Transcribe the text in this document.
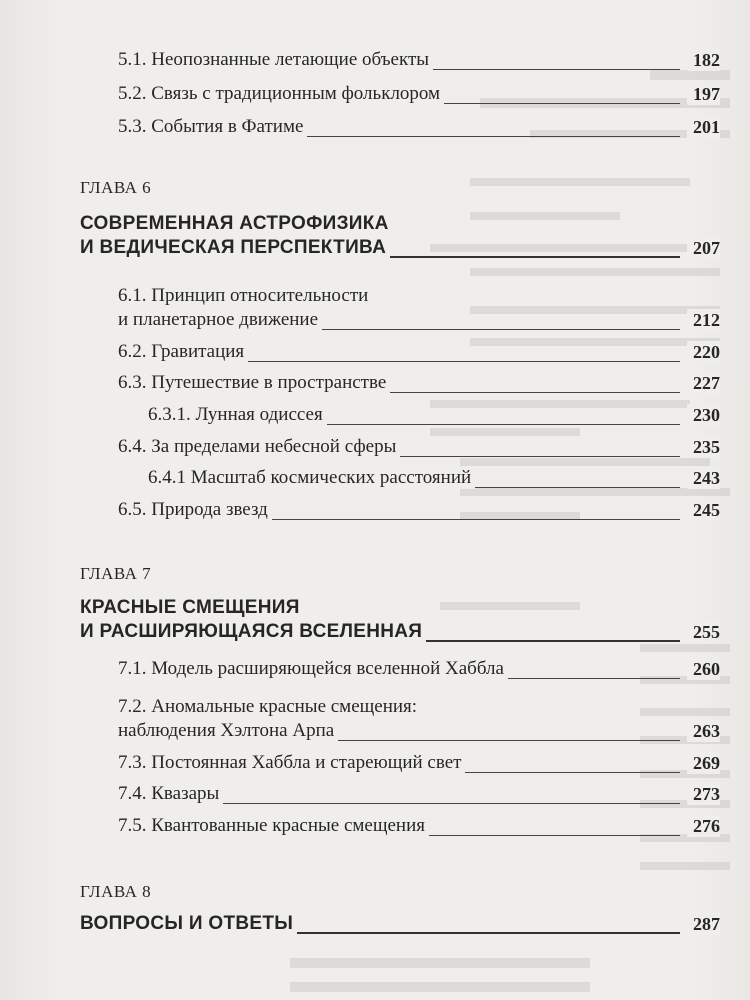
5.1. Неопознанные летающие объекты	182
5.2. Связь с традиционным фольклором	197
5.3. События в Фатиме	201
ГЛАВА 6
СОВРЕМЕННАЯ АСТРОФИЗИКА
И ВЕДИЧЕСКАЯ ПЕРСПЕКТИВА	207
6.1. Принцип относительности
и планетарное движение	212
6.2. Гравитация	220
6.3. Путешествие в пространстве	227
6.3.1. Лунная одиссея	230
6.4. За пределами небесной сферы	235
6.4.1 Масштаб космических расстояний	243
6.5. Природа звезд	245
ГЛАВА 7
КРАСНЫЕ СМЕЩЕНИЯ
И РАСШИРЯЮЩАЯСЯ ВСЕЛЕННАЯ	255
7.1. Модель расширяющейся вселенной Хаббла	260
7.2. Аномальные красные смещения:
наблюдения Хэлтона Арпа	263
7.3. Постоянная Хаббла и стареющий свет	269
7.4. Квазары	273
7.5. Квантованные красные смещения	276
ГЛАВА 8
ВОПРОСЫ И ОТВЕТЫ	287
